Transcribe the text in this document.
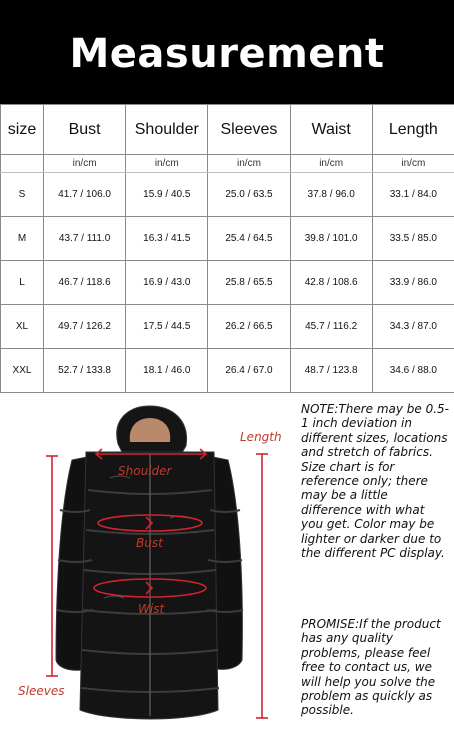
Measurement
size	Bust	Shoulder	Sleeves	Waist	Length
	in/cm	in/cm	in/cm	in/cm	in/cm
S	41.7 / 106.0	15.9 / 40.5	25.0 / 63.5	37.8 / 96.0	33.1 / 84.0
M	43.7 / 111.0	16.3 / 41.5	25.4 / 64.5	39.8 / 101.0	33.5 / 85.0
L	46.7 / 118.6	16.9 / 43.0	25.8 / 65.5	42.8 / 108.6	33.9 / 86.0
XL	49.7 / 126.2	17.5 / 44.5	26.2 / 66.5	45.7 / 116.2	34.3 / 87.0
XXL	52.7 / 133.8	18.1 / 46.0	26.4 / 67.0	48.7 / 123.8	34.6 / 88.0
Length
Shoulder
Bust
Wist
Sleeves
NOTE:There may be 0.5-1 inch deviation in different sizes, locations and stretch of fabrics. Size chart is for reference only; there may be a little difference with what you get. Color may be lighter or darker due to the different PC display.
PROMISE:If the product has any quality problems, please feel free to contact us, we will help you solve the problem as quickly as possible.
